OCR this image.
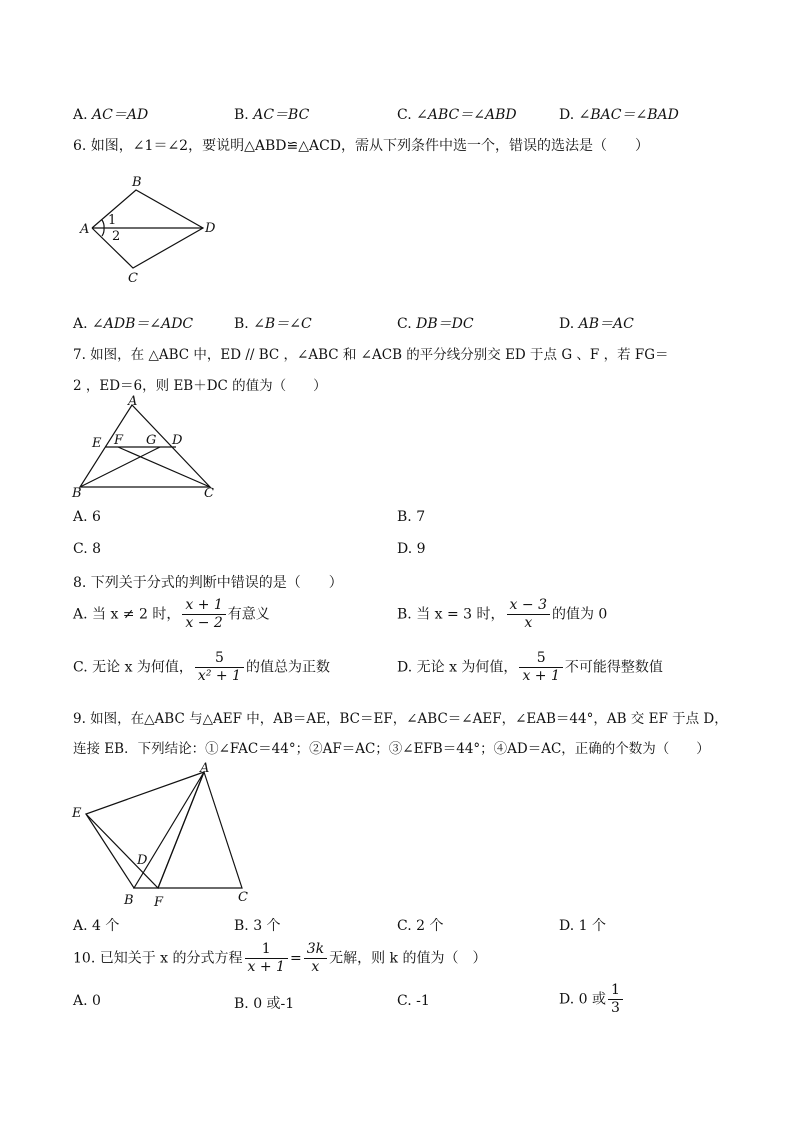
A. AC＝AD	B. AC＝BC	C. ∠ABC＝∠ABD	D. ∠BAC＝∠BAD
6. 如图，∠1＝∠2，要说明△ABD≌△ACD，需从下列条件中选一个，错误的选法是（　　）
B
A	D
C
1
2
A. ∠ADB＝∠ADC	B. ∠B＝∠C	C. DB＝DC	D. AB＝AC
7. 如图，在 △ABC 中，ED // BC ，∠ABC 和 ∠ACB 的平分线分别交 ED 于点 G 、F ，若 FG＝
2 ，ED＝6，则 EB＋DC 的值为（　　）
A
E F G D
B	C
A. 6	B. 7
C. 8	D. 9
8. 下列关于分式的判断中错误的是（　　）
A. 当 x ≠ 2 时， $\frac{x + 1}{x - 2}$ 有意义	B. 当 x = 3 时， $\frac{x - 3}{x}$ 的值为 0
C. 无论 x 为何值， $\frac{5}{\text{x² + 1}}$ 的值总为正数	D. 无论 x 为何值， $\frac{5}{x + 1}$ 不可能得整数值
9. 如图，在△ABC 与△AEF 中，AB＝AE，BC＝EF，∠ABC＝∠AEF，∠EAB＝44°，AB 交 EF 于点 D，
连接 EB．下列结论：①∠FAC＝44°；②AF＝AC；③∠EFB＝44°；④AD＝AC，正确的个数为（　　）
A
E
D
B F	C
A. 4 个	B. 3 个	C. 2 个	D. 1 个
10. 已知关于 x 的分式方程 $\frac{1}{x + 1} = \frac{3k}{x}$ 无解，则 k 的值为（　）
A. 0	B. 0 或-1	C. -1	D. 0 或 $\frac{1}{3}$
